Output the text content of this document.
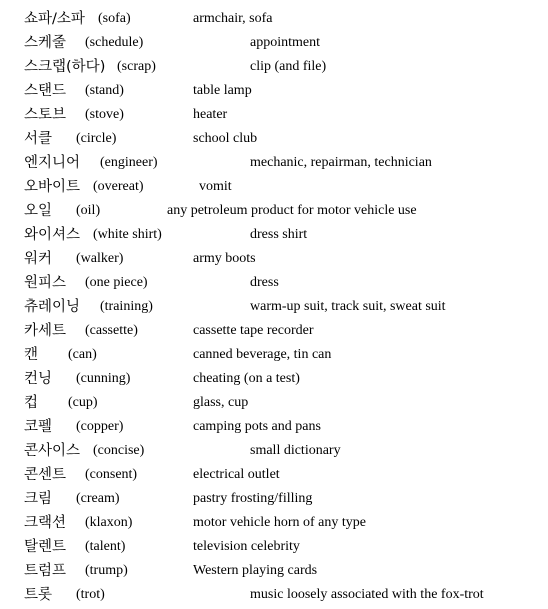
쇼파/소파 (sofa)	armchair, sofa
스케줄 (schedule)	appointment
스크랩(하다) (scrap)	clip (and file)
스탠드 (stand)	table lamp
스토브 (stove)	heater
서클 (circle)	school club
엔지니어 (engineer)	mechanic, repairman, technician
오바이트 (overeat)	vomit
오일 (oil)	any petroleum product for motor vehicle use
와이셔스 (white shirt)	dress shirt
워커 (walker)	army boots
원피스 (one piece)	dress
츄레이닝 (training)	warm-up suit, track suit, sweat suit
카세트 (cassette)	cassette tape recorder
캔 (can)	canned beverage, tin can
컨닝 (cunning)	cheating (on a test)
컵 (cup)	glass, cup
코펠 (copper)	camping pots and pans
콘사이스 (concise)	small dictionary
콘센트 (consent)	electrical outlet
크림 (cream)	pastry frosting/filling
크랙션 (klaxon)	motor vehicle horn of any type
탈렌트 (talent)	television celebrity
트럼프 (trump)	Western playing cards
트롯 (trot)	music loosely associated with the fox-trot
